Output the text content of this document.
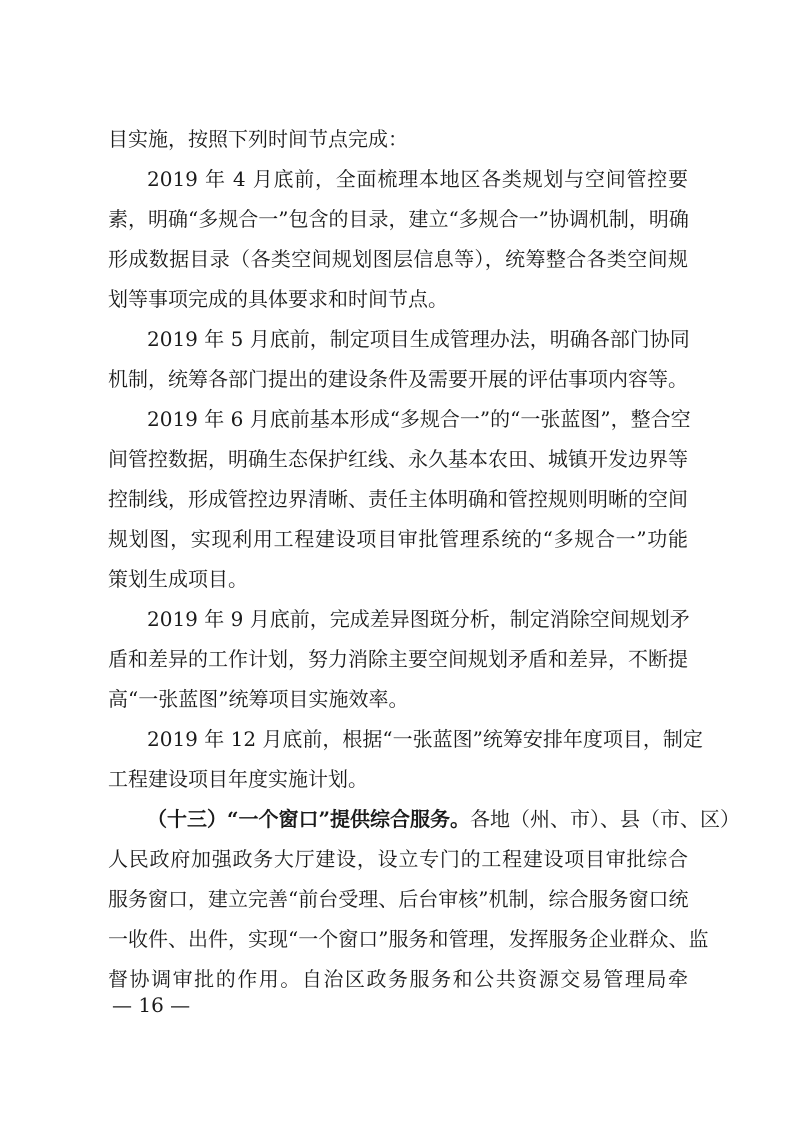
目实施，按照下列时间节点完成：
2019 年 4 月底前，全面梳理本地区各类规划与空间管控要
素，明确“多规合一”包含的目录，建立“多规合一”协调机制，明确
形成数据目录（各类空间规划图层信息等），统筹整合各类空间规
划等事项完成的具体要求和时间节点。
2019 年 5 月底前，制定项目生成管理办法，明确各部门协同
机制，统筹各部门提出的建设条件及需要开展的评估事项内容等。
2019 年 6 月底前基本形成“多规合一”的“一张蓝图”，整合空
间管控数据，明确生态保护红线、永久基本农田、城镇开发边界等
控制线，形成管控边界清晰、责任主体明确和管控规则明晰的空间
规划图，实现利用工程建设项目审批管理系统的“多规合一”功能
策划生成项目。
2019 年 9 月底前，完成差异图斑分析，制定消除空间规划矛
盾和差异的工作计划，努力消除主要空间规划矛盾和差异，不断提
高“一张蓝图”统筹项目实施效率。
2019 年 12 月底前，根据“一张蓝图”统筹安排年度项目，制定
工程建设项目年度实施计划。
（十三）“一个窗口”提供综合服务。 各地（州、市）、县（市、区）
人民政府加强政务大厅建设，设立专门的工程建设项目审批综合
服务窗口，建立完善“前台受理、后台审核”机制，综合服务窗口统
一收件、出件，实现“一个窗口”服务和管理，发挥服务企业群众、监
督协调审批的作用。自治区政务服务和公共资源交易管理局牵
— 16 —
